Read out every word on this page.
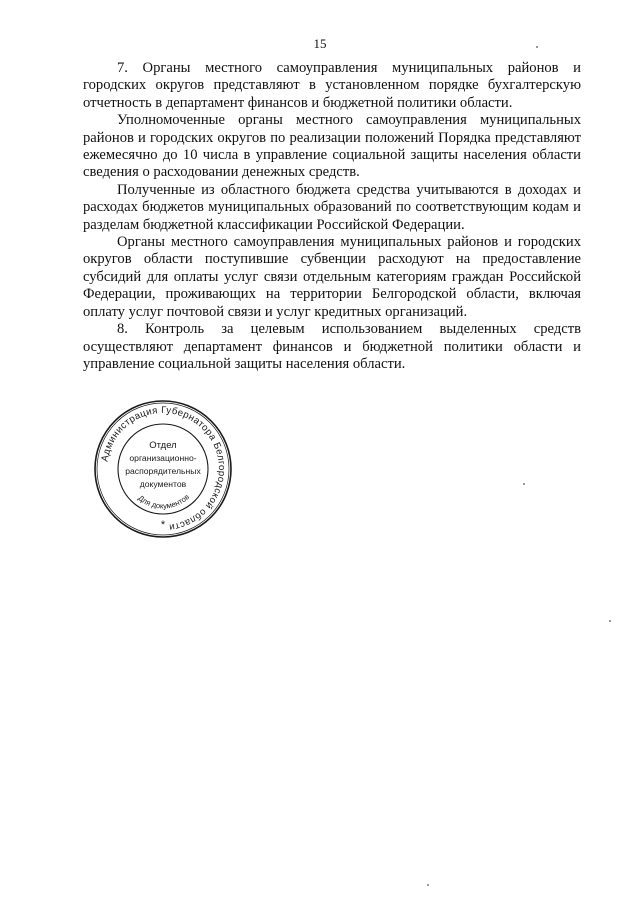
15

7. Органы местного самоуправления муниципальных районов и городских округов представляют в установленном порядке бухгалтерскую отчетность в департамент финансов и бюджетной политики области.

Уполномоченные органы местного самоуправления муниципальных районов и городских округов по реализации положений Порядка представляют ежемесячно до 10 числа в управление социальной защиты населения области сведения о расходовании денежных средств.

Полученные из областного бюджета средства учитываются в доходах и расходах бюджетов муниципальных образований по соответствующим кодам и разделам бюджетной классификации Российской Федерации.

Органы местного самоуправления муниципальных районов и городских округов области поступившие субвенции расходуют на предоставление субсидий для оплаты услуг связи отдельным категориям граждан Российской Федерации, проживающих на территории Белгородской области, включая оплату услуг почтовой связи и услуг кредитных организаций.

8. Контроль за целевым использованием выделенных средств осуществляют департамент финансов и бюджетной политики области и управление социальной защиты населения области.

Администрация Губернатора Белгородской области
Отдел
организационно-
распорядительных
документов
Для документов
*
